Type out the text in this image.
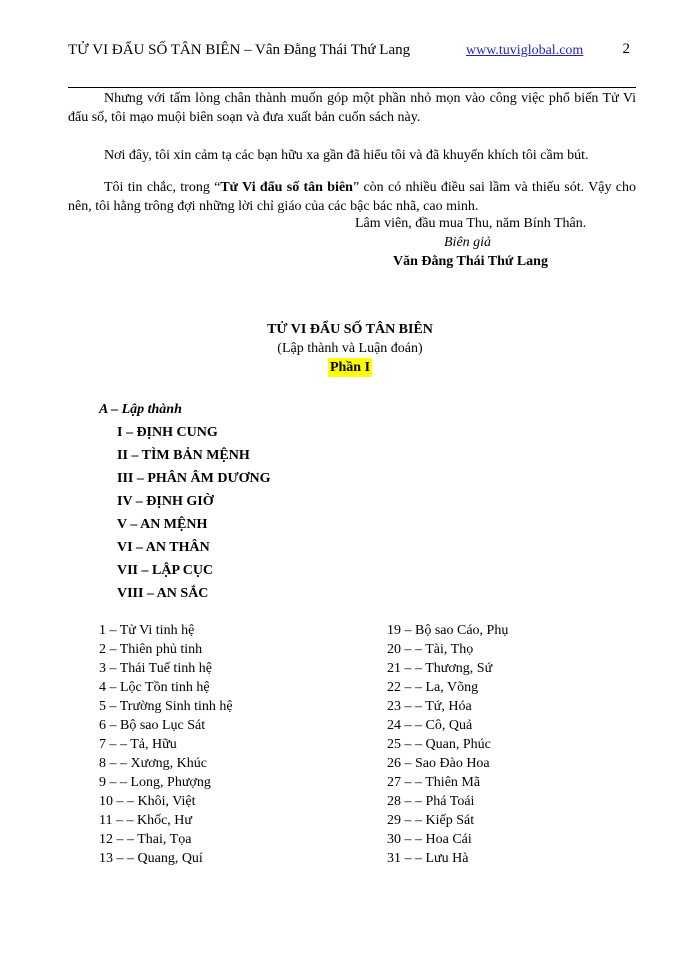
TỬ VI ĐẨU SỐ TÂN BIÊN – Vân Đằng Thái Thứ Lang	www.tuviglobal.com	2

Nhưng với tấm lòng chân thành muốn góp một phần nhỏ mọn vào công việc phổ biến Tử Vi đẩu số, tôi mạo muội biên soạn và đưa xuất bản cuốn sách này.

Nơi đây, tôi xin cảm tạ các bạn hữu xa gần đã hiểu tôi và đã khuyến khích tôi cầm bút.

Tôi tin chắc, trong “Tử Vi đẩu số tân biên” còn có nhiều điều sai lầm và thiếu sót. Vậy cho nên, tôi hằng trông đợi những lời chỉ giáo của các bậc bác nhã, cao minh.

Lâm viên, đầu mua Thu, năm Bính Thân.
Biên giả
Văn Đằng Thái Thứ Lang
TỬ VI ĐẨU SỐ TÂN BIÊN
(Lập thành và Luận đoán)
Phần I
A – Lập thành
I – ĐỊNH CUNG
II – TÌM BẢN MỆNH
III – PHÂN ÂM DƯƠNG
IV – ĐỊNH GIỜ
V – AN MỆNH
VI – AN THÂN
VII – LẬP CỤC
VIII – AN SẮC
1 – Tử Vi tinh hệ
2 – Thiên phủ tinh
3 – Thái Tuế tinh hệ
4 – Lộc Tồn tinh hệ
5 – Trường Sinh tinh hệ
6 – Bộ sao Lục Sát
7 – – Tả, Hữu
8 – – Xương, Khúc
9 – – Long, Phượng
10 – – Khôi, Việt
11 – – Khốc, Hư
12 – – Thai, Tọa
13 – – Quang, Quí
19 – Bộ sao Cáo, Phụ
20 – – Tài, Thọ
21 – – Thương, Sứ
22 – – La, Võng
23 – – Tứ, Hóa
24 – – Cô, Quả
25 – – Quan, Phúc
26 – Sao Đào Hoa
27 – – Thiên Mã
28 – – Phá Toái
29 – – Kiếp Sát
30 – – Hoa Cái
31 – – Lưu Hà
